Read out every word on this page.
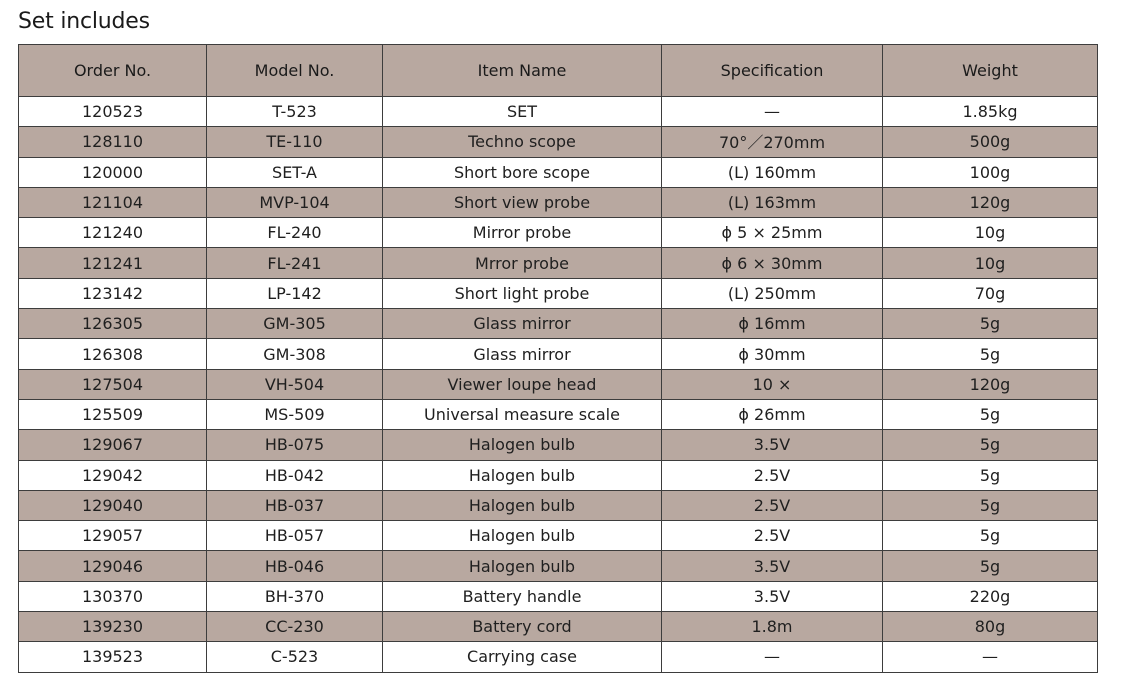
Set includes
Order No.	Model No.	Item Name	Specification	Weight
120523	T-523	SET	—	1.85kg
128110	TE-110	Techno scope	70°／270mm	500g
120000	SET-A	Short bore scope	(L) 160mm	100g
121104	MVP-104	Short view probe	(L) 163mm	120g
121240	FL-240	Mirror probe	ϕ 5 × 25mm	10g
121241	FL-241	Mrror probe	ϕ 6 × 30mm	10g
123142	LP-142	Short light probe	(L) 250mm	70g
126305	GM-305	Glass mirror	ϕ 16mm	5g
126308	GM-308	Glass mirror	ϕ 30mm	5g
127504	VH-504	Viewer loupe head	10 ×	120g
125509	MS-509	Universal measure scale	ϕ 26mm	5g
129067	HB-075	Halogen bulb	3.5V	5g
129042	HB-042	Halogen bulb	2.5V	5g
129040	HB-037	Halogen bulb	2.5V	5g
129057	HB-057	Halogen bulb	2.5V	5g
129046	HB-046	Halogen bulb	3.5V	5g
130370	BH-370	Battery handle	3.5V	220g
139230	CC-230	Battery cord	1.8m	80g
139523	C-523	Carrying case	—	—
